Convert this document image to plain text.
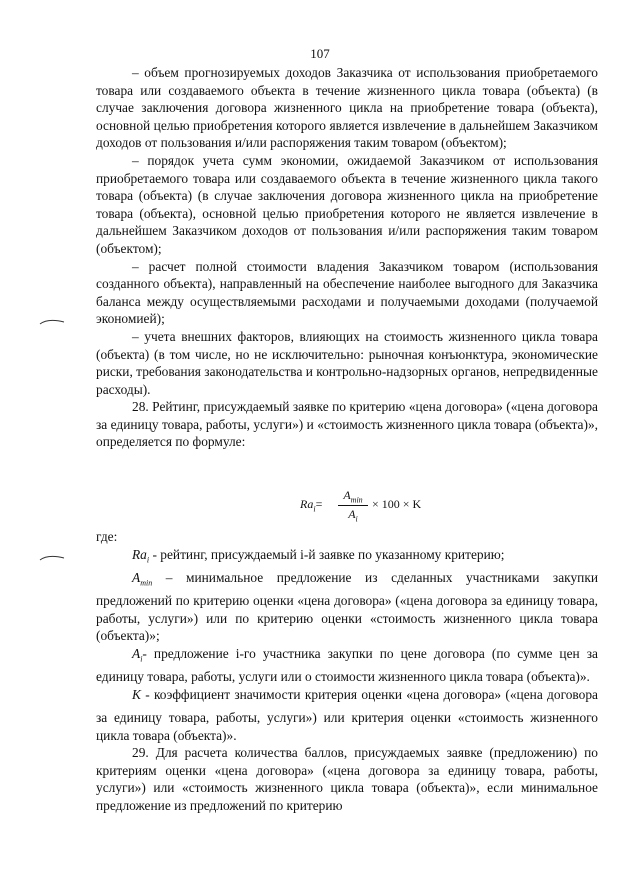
107

– объем прогнозируемых доходов Заказчика от использования приобретаемого товара или создаваемого объекта в течение жизненного цикла товара (объекта) (в случае заключения договора жизненного цикла на приобретение товара (объекта), основной целью приобретения которого является извлечение в дальнейшем Заказчиком доходов от пользования и/или распоряжения таким товаром (объектом);

– порядок учета сумм экономии, ожидаемой Заказчиком от использования приобретаемого товара или создаваемого объекта в течение жизненного цикла такого товара (объекта) (в случае заключения договора жизненного цикла на приобретение товара (объекта), основной целью приобретения которого не является извлечение в дальнейшем Заказчиком доходов от пользования и/или распоряжения таким товаром (объектом);

– расчет полной стоимости владения Заказчиком товаром (использования созданного объекта), направленный на обеспечение наиболее выгодного для Заказчика баланса между осуществляемыми расходами и получаемыми доходами (получаемой экономией);

– учета внешних факторов, влияющих на стоимость жизненного цикла товара (объекта) (в том числе, но не исключительно: рыночная конъюнктура, экономические риски, требования законодательства и контрольно-надзорных органов, непредвиденные расходы).

28. Рейтинг, присуждаемый заявке по критерию «цена договора» («цена договора за единицу товара, работы, услуги») и «стоимость жизненного цикла товара (объекта)», определяется по формуле:

$Ra_i=$
$A_{min}$
$A_i$
× 100 × K

где:

$Ra_i$ - рейтинг, присуждаемый i-й заявке по указанному критерию;

$A_{min}$ – минимальное предложение из сделанных участниками закупки предложений по критерию оценки «цена договора» («цена договора за единицу товара, работы, услуги») или по критерию оценки «стоимость жизненного цикла товара (объекта)»;

$A_i-$ предложение i-го участника закупки по цене договора (по сумме цен за единицу товара, работы, услуги или о стоимости жизненного цикла товара (объекта)».

K - коэффициент значимости критерия оценки «цена договора» («цена договора за единицу товара, работы, услуги») или критерия оценки «стоимость жизненного цикла товара (объекта)».

29. Для расчета количества баллов, присуждаемых заявке (предложению) по критериям оценки «цена договора» («цена договора за единицу товара, работы, услуги») или «стоимость жизненного цикла товара (объекта)», если минимальное предложение из предложений по критерию
